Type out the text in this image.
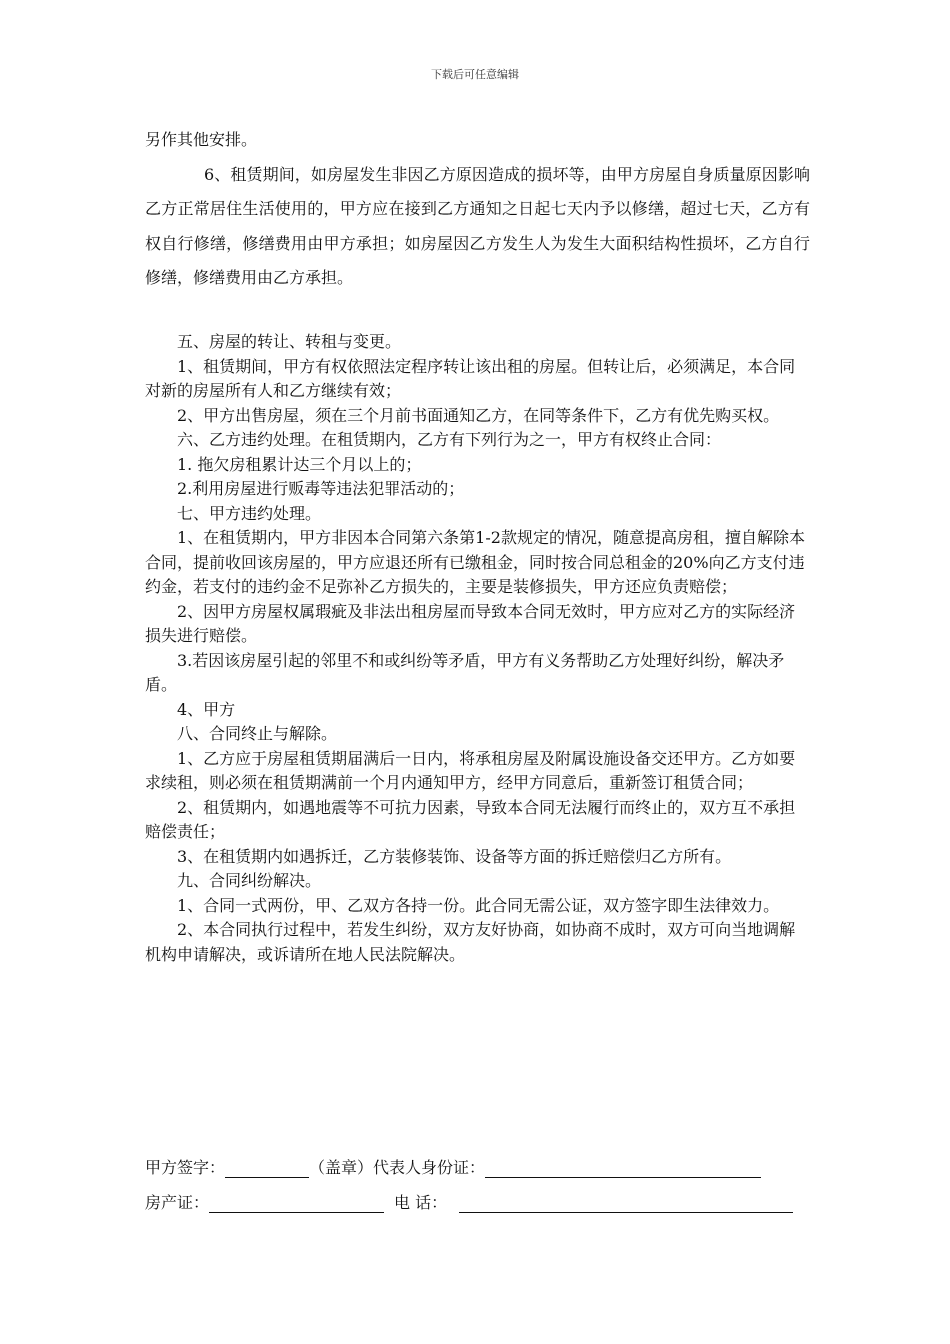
下载后可任意编辑

另作其他安排。

6、租赁期间，如房屋发生非因乙方原因造成的损坏等，由甲方房屋自身质量原因影响乙方正常居住生活使用的，甲方应在接到乙方通知之日起七天内予以修缮，超过七天，乙方有权自行修缮，修缮费用由甲方承担；如房屋因乙方发生人为发生大面积结构性损坏，乙方自行修缮，修缮费用由乙方承担。

五、房屋的转让、转租与变更。

1、租赁期间，甲方有权依照法定程序转让该出租的房屋。但转让后，必须满足，本合同对新的房屋所有人和乙方继续有效；

2、甲方出售房屋，须在三个月前书面通知乙方，在同等条件下，乙方有优先购买权。

六、乙方违约处理。在租赁期内，乙方有下列行为之一，甲方有权终止合同：

1. 拖欠房租累计达三个月以上的；

2.利用房屋进行贩毒等违法犯罪活动的；

七、甲方违约处理。

1、在租赁期内，甲方非因本合同第六条第1-2款规定的情况，随意提高房租，擅自解除本合同，提前收回该房屋的，甲方应退还所有已缴租金，同时按合同总租金的20%向乙方支付违约金，若支付的违约金不足弥补乙方损失的，主要是装修损失，甲方还应负责赔偿；

2、因甲方房屋权属瑕疵及非法出租房屋而导致本合同无效时，甲方应对乙方的实际经济损失进行赔偿。

3.若因该房屋引起的邻里不和或纠纷等矛盾，甲方有义务帮助乙方处理好纠纷，解决矛盾。

4、甲方

八、合同终止与解除。

1、乙方应于房屋租赁期届满后一日内，将承租房屋及附属设施设备交还甲方。乙方如要求续租，则必须在租赁期满前一个月内通知甲方，经甲方同意后，重新签订租赁合同；

2、租赁期内，如遇地震等不可抗力因素，导致本合同无法履行而终止的，双方互不承担赔偿责任；

3、在租赁期内如遇拆迁，乙方装修装饰、设备等方面的拆迁赔偿归乙方所有。

九、合同纠纷解决。

1、合同一式两份，甲、乙双方各持一份。此合同无需公证，双方签字即生法律效力。

2、本合同执行过程中，若发生纠纷，双方友好协商，如协商不成时，双方可向当地调解机构申请解决，或诉请所在地人民法院解决。

甲方签字：	（盖章）代表人身份证：
房产证：	电 话：
